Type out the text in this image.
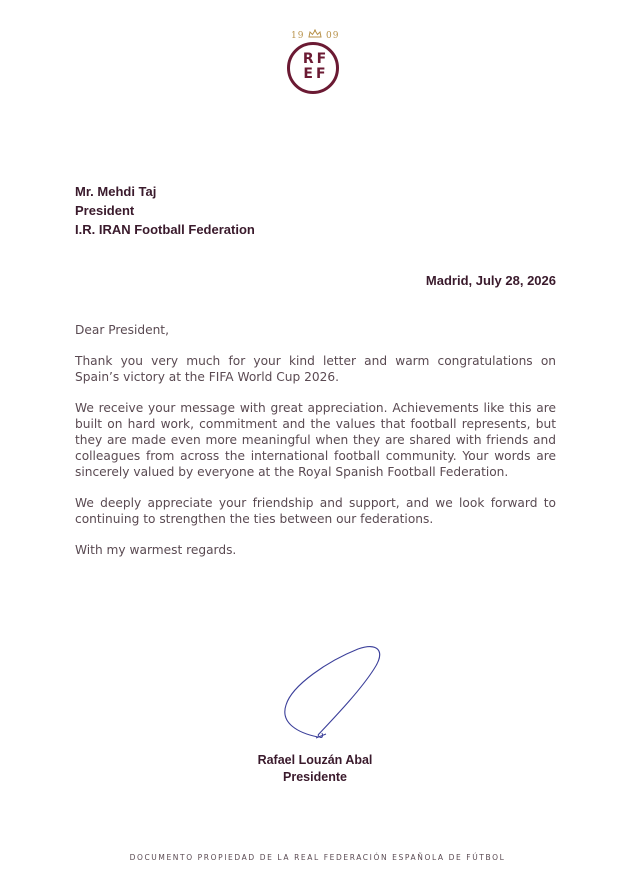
19 09
RF
EF
Mr. Mehdi Taj
President
I.R. IRAN Football Federation
Madrid, July 28, 2026

Dear President,

Thank you very much for your kind letter and warm congratulations on Spain’s victory at the FIFA World Cup 2026.

We receive your message with great appreciation. Achievements like this are built on hard work, commitment and the values that football represents, but they are made even more meaningful when they are shared with friends and colleagues from across the international football community. Your words are sincerely valued by everyone at the Royal Spanish Football Federation.

We deeply appreciate your friendship and support, and we look forward to continuing to strengthen the ties between our federations.

With my warmest regards.

Rafael Louzán Abal
Presidente
DOCUMENTO PROPIEDAD DE LA REAL FEDERACIÓN ESPAÑOLA DE FÚTBOL
